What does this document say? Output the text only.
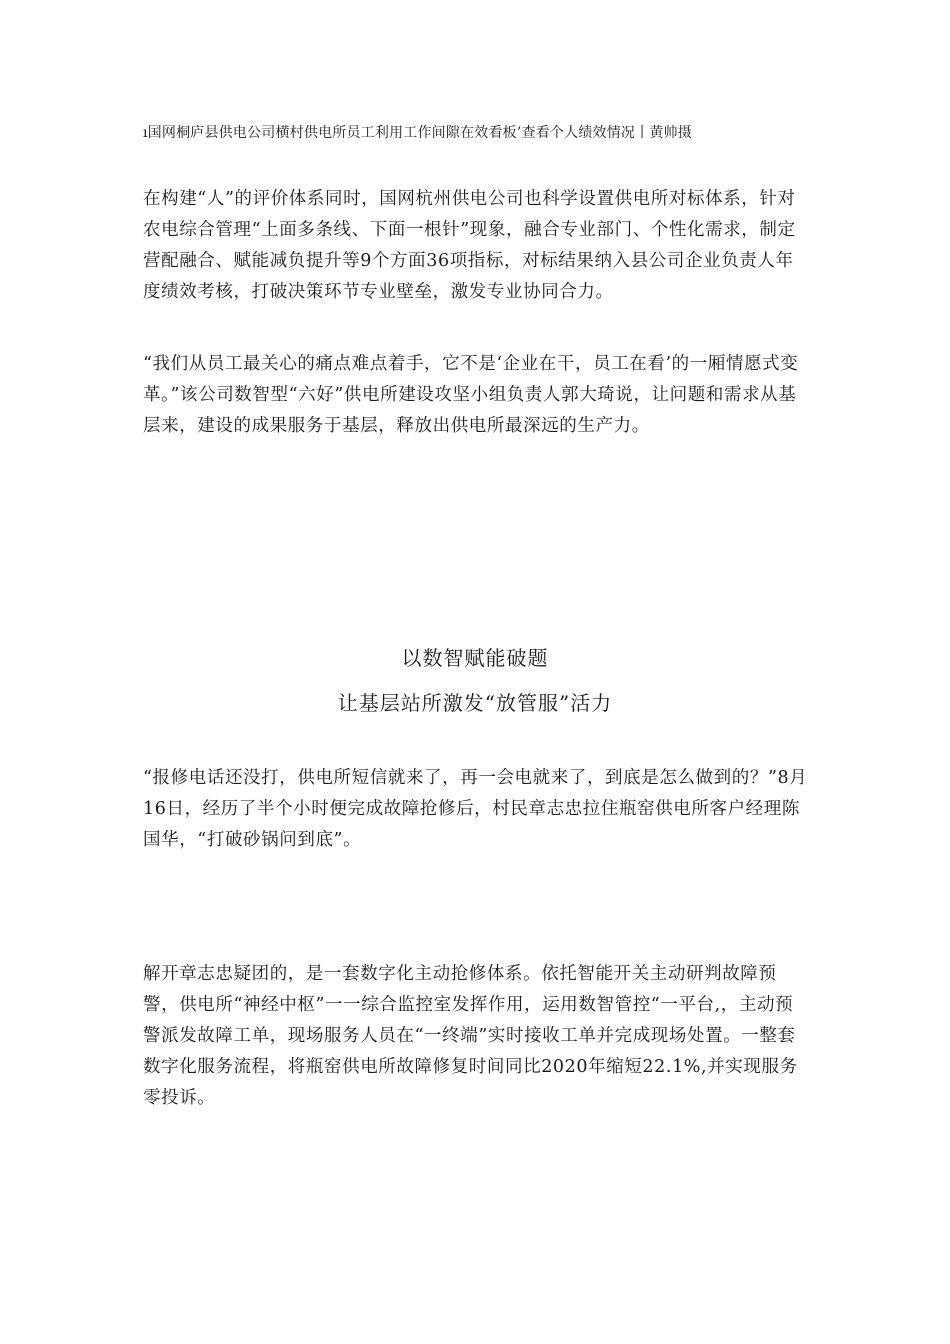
ı国网桐庐县供电公司横村供电所员工利用工作间隙在效看板’查看个人绩效情况丨黄帅摄

在构建“人”的评价体系同时，国网杭州供电公司也科学设置供电所对标体系，针对农电综合管理“上面多条线、下面一根针”现象，融合专业部门、个性化需求，制定营配融合、赋能减负提升等9个方面36项指标，对标结果纳入县公司企业负责人年度绩效考核，打破决策环节专业壁垒，激发专业协同合力。

“我们从员工最关心的痛点难点着手，它不是‘企业在干，员工在看’的一厢情愿式变革。”该公司数智型“六好”供电所建设攻坚小组负责人郭大琦说，让问题和需求从基层来，建设的成果服务于基层，释放出供电所最深远的生产力。

以数智赋能破题
让基层站所激发“放管服”活力

“报修电话还没打，供电所短信就来了，再一会电就来了，到底是怎么做到的？”8月16日，经历了半个小时便完成故障抢修后，村民章志忠拉住瓶窑供电所客户经理陈国华，“打破砂锅问到底”。

解开章志忠疑团的，是一套数字化主动抢修体系。依托智能开关主动研判故障预警，供电所“神经中枢”一一综合监控室发挥作用，运用数智管控“一平台,，主动预警派发故障工单，现场服务人员在“一终端”实时接收工单并完成现场处置。一整套数字化服务流程，将瓶窑供电所故障修复时间同比2020年缩短22.1%,并实现服务零投诉。
